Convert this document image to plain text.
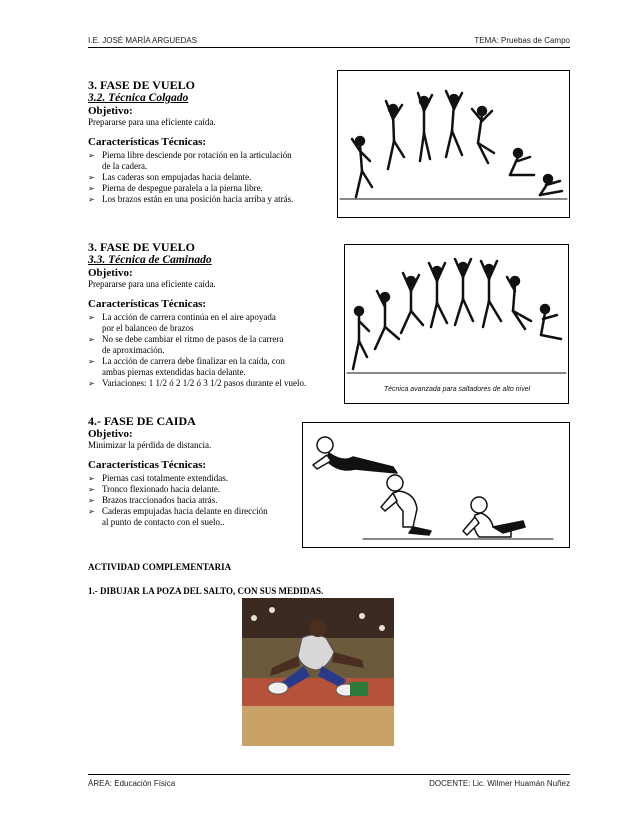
I.E. JOSÉ MARÍA ARGUEDAS	TEMA: Pruebas de Campo
3. FASE DE VUELO
3.2. Técnica Colgado
Objetivo:
Prepararse para una eficiente caída.
Características Técnicas:
➢ Pierna libre desciende por rotación en la articulación
de la cadera.
➢ Las caderas son empujadas hacia delante.
➢ Pierna de despegue paralela a la pierna libre.
➢ Los brazos están en una posición hacia arriba y atrás.
3. FASE DE VUELO
3.3. Técnica de Caminado
Objetivo:
Prepararse para una eficiente caída.
Características Técnicas:
➢ La acción de carrera continúa en el aire apoyada
por el balanceo de brazos
➢ No se debe cambiar el ritmo de pasos de la carrera
de aproximación.
➢ La acción de carrera debe finalizar en la caída, con
ambas piernas extendidas hacia delante.
➢ Variaciones: 1 1/2 ó 2 1/2 ó 3 1/2 pasos durante el vuelo.
Técnica avanzada para saltadores de alto nivel
4.- FASE DE CAIDA
Objetivo:
Minimizar la pérdida de distancia.
Características Técnicas:
➢ Piernas casi totalmente extendidas.
➢ Tronco flexionado hacia delante.
➢ Brazos traccionados hacia atrás.
➢ Caderas empujadas hacia delante en dirección
al punto de contacto con el suelo..
ACTIVIDAD COMPLEMENTARIA
1.- DIBUJAR LA POZA DEL SALTO, CON SUS MEDIDAS.
ÁREA: Educación Física	DOCENTE: Lic. Wilmer Huamán Nuñez
